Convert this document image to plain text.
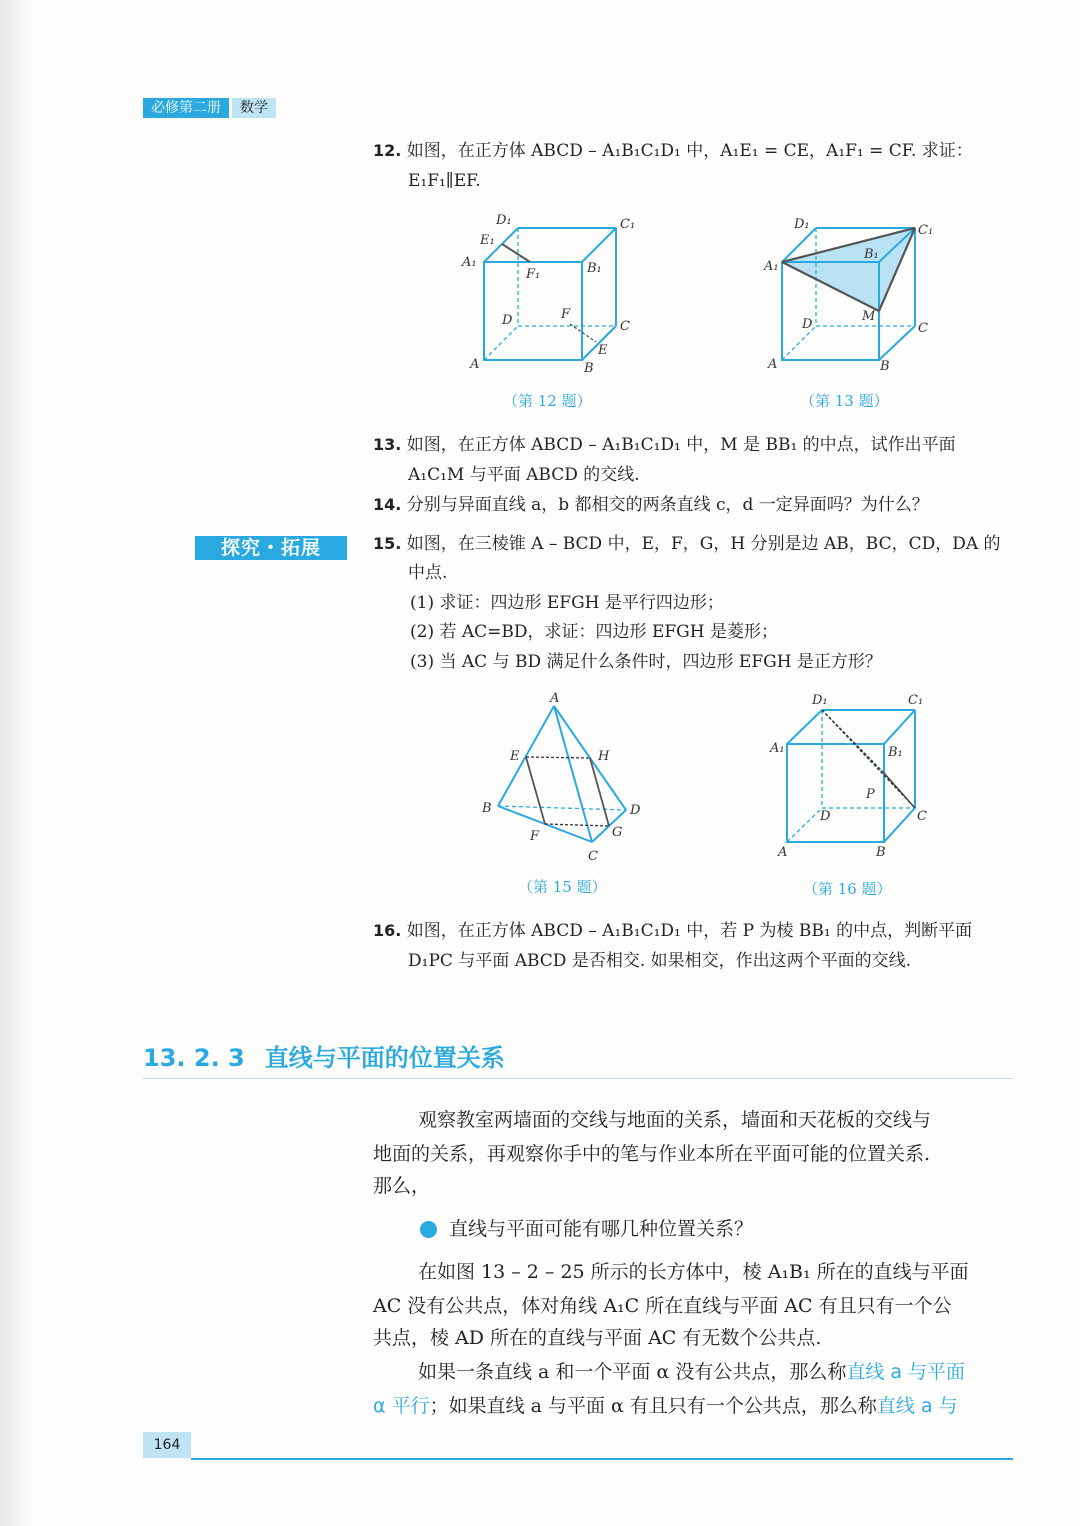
必修第二册	数学
12. 如图，在正方体 ABCD – A₁B₁C₁D₁ 中，A₁E₁ = CE，A₁F₁ = CF. 求证：
E₁F₁∥EF.
D₁	C₁
E₁
A₁
F₁	B₁
D	F
C
E
A	B
（第 12 题）
D₁	C₁
B₁
A₁
D
M
C
A	B
（第 13 题）
13. 如图，在正方体 ABCD – A₁B₁C₁D₁ 中，M 是 BB₁ 的中点，试作出平面
A₁C₁M 与平面 ABCD 的交线.
14. 分别与异面直线 a，b 都相交的两条直线 c，d 一定异面吗？为什么？
探究・拓展	15. 如图，在三棱锥 A – BCD 中，E，F，G，H 分别是边 AB，BC，CD，DA 的
中点.
(1) 求证：四边形 EFGH 是平行四边形；
(2) 若 AC=BD，求证：四边形 EFGH 是菱形；
(3) 当 AC 与 BD 满足什么条件时，四边形 EFGH 是正方形？
A
E	H
B	D
F	G
C
（第 15 题）
D₁	C₁
A₁	B₁
P
D	C
A	B
（第 16 题）
16. 如图，在正方体 ABCD – A₁B₁C₁D₁ 中，若 P 为棱 BB₁ 的中点，判断平面
D₁PC 与平面 ABCD 是否相交. 如果相交，作出这两个平面的交线.
13. 2. 3 直线与平面的位置关系
观察教室两墙面的交线与地面的关系，墙面和天花板的交线与
地面的关系，再观察你手中的笔与作业本所在平面可能的位置关系.
那么，
直线与平面可能有哪几种位置关系？
在如图 13 – 2 – 25 所示的长方体中，棱 A₁B₁ 所在的直线与平面
AC 没有公共点，体对角线 A₁C 所在直线与平面 AC 有且只有一个公
共点，棱 AD 所在的直线与平面 AC 有无数个公共点.
如果一条直线 a 和一个平面 α 没有公共点，那么称直线 a 与平面
α 平行；如果直线 a 与平面 α 有且只有一个公共点，那么称直线 a 与
164
